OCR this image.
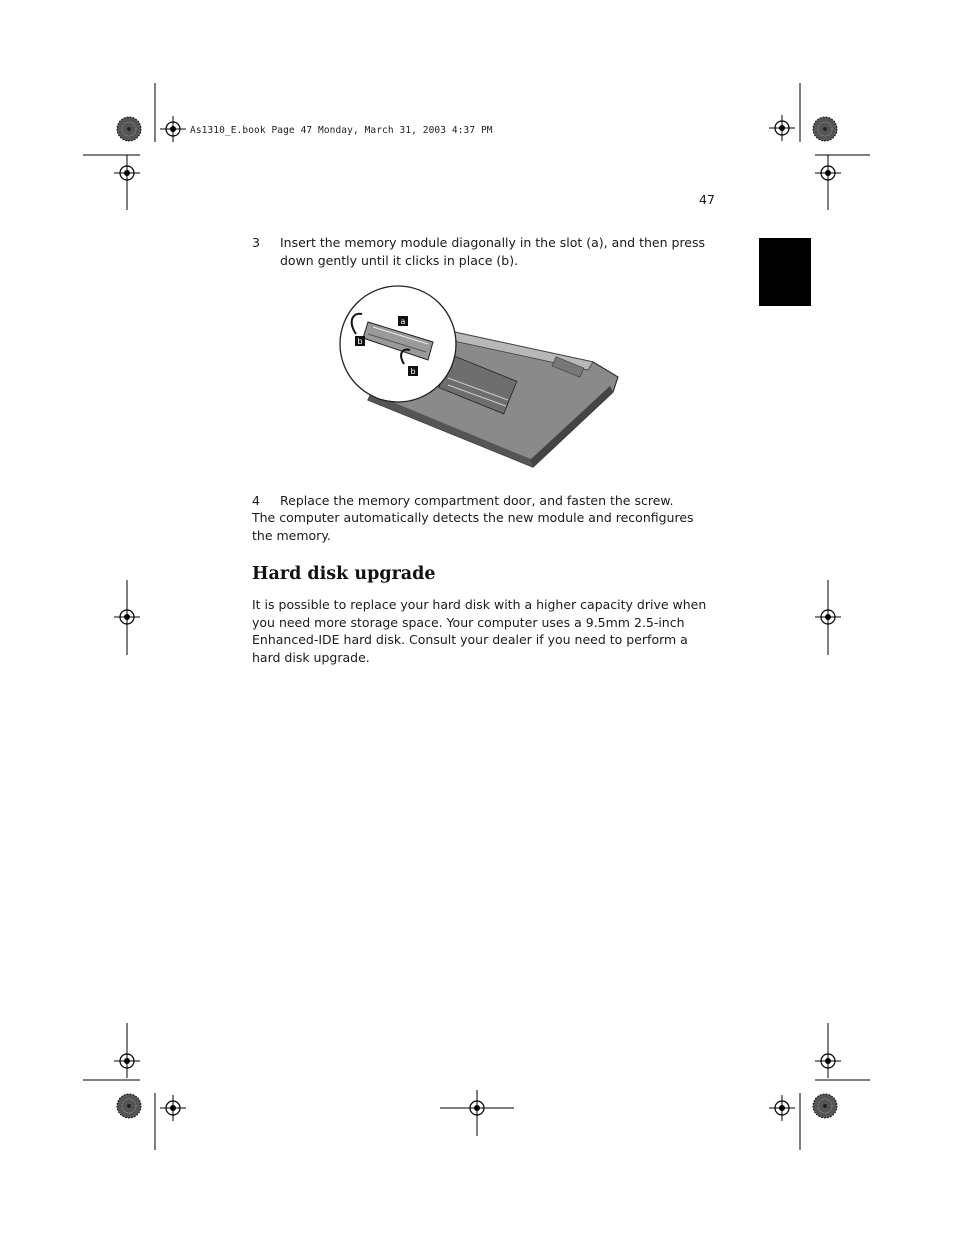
As1310_E.book Page 47 Monday, March 31, 2003 4:37 PM
47
3 Insert the memory module diagonally in the slot (a), and then press down gently until it clicks in place (b).
a
b
b
4 Replace the memory compartment door, and fasten the screw.
The computer automatically detects the new module and reconfigures the memory.
Hard disk upgrade
It is possible to replace your hard disk with a higher capacity drive when you need more storage space. Your computer uses a 9.5mm 2.5-inch Enhanced-IDE hard disk. Consult your dealer if you need to perform a hard disk upgrade.
